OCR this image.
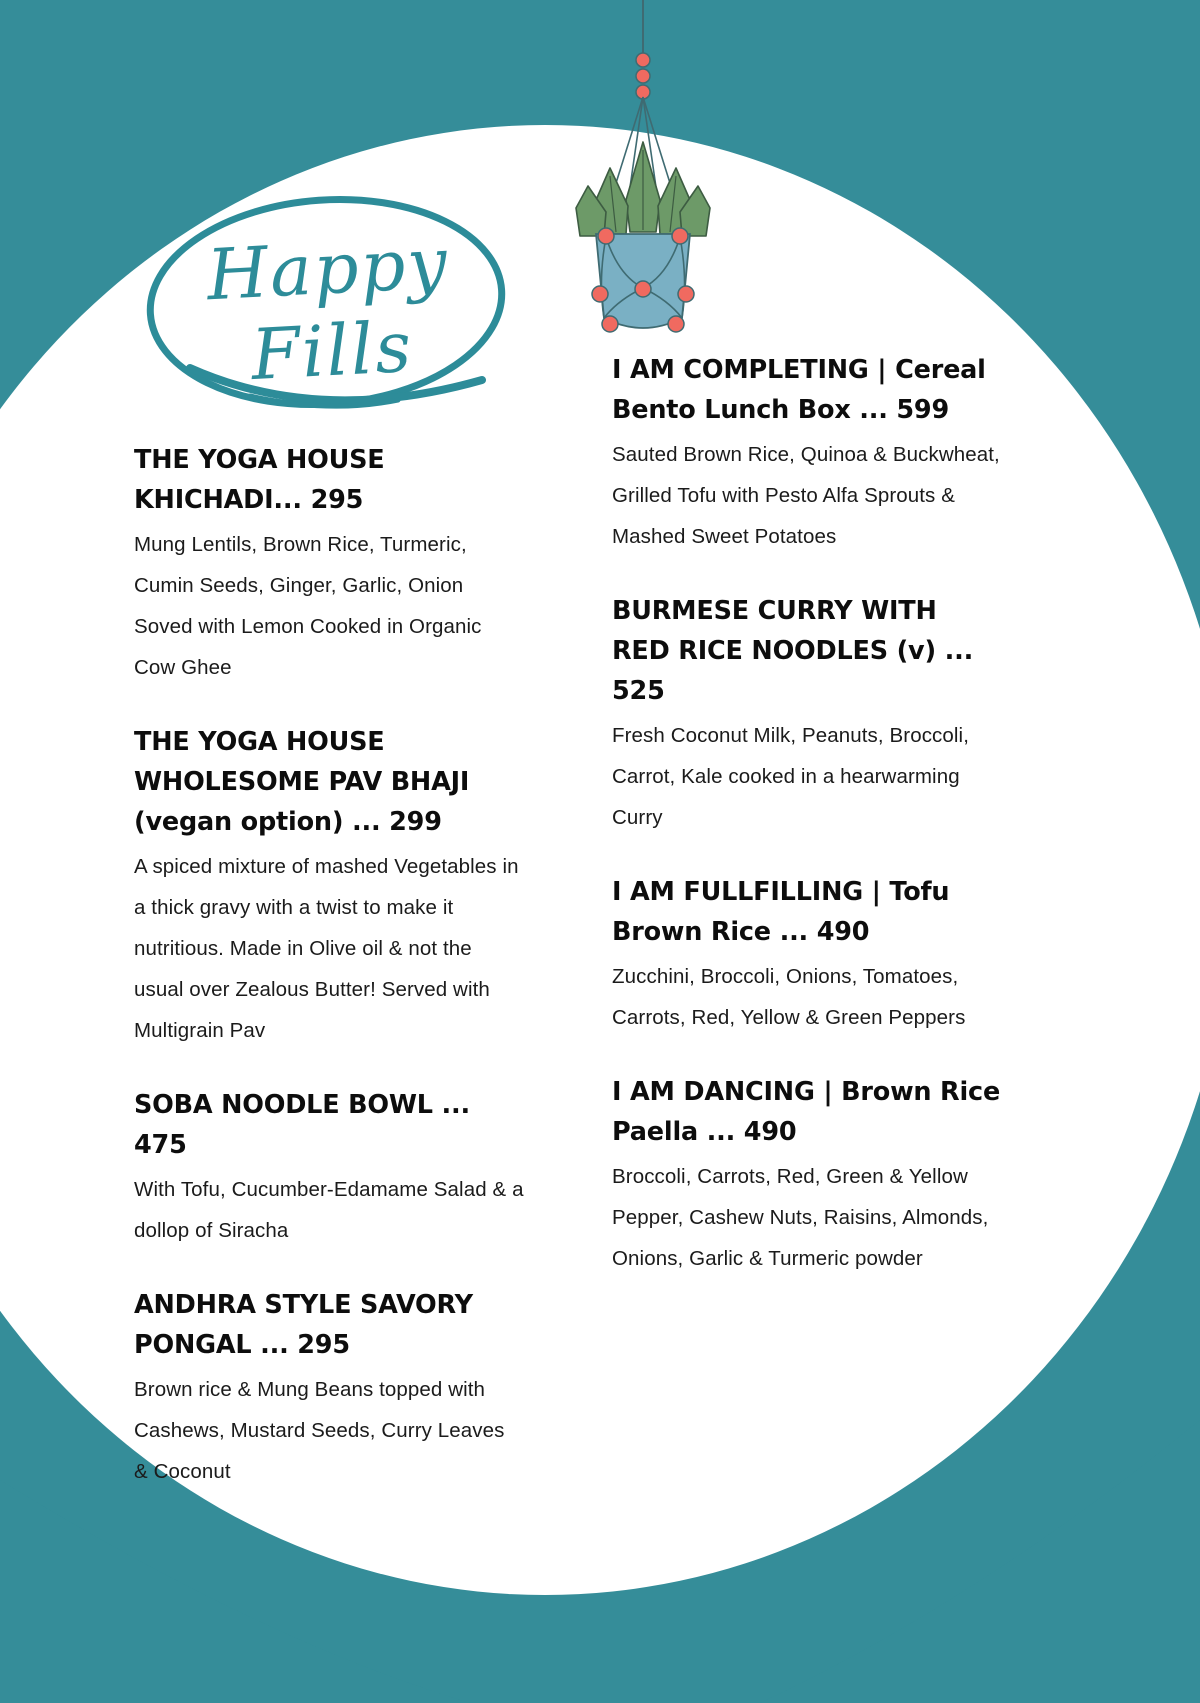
Happy Fills
THE YOGA HOUSE KHICHADI... 295
Mung Lentils, Brown Rice, Turmeric, Cumin Seeds, Ginger, Garlic, Onion Soved with Lemon Cooked in Organic Cow Ghee
THE YOGA HOUSE WHOLESOME PAV BHAJI (vegan option) ... 299
A spiced mixture of mashed Vegetables in a thick gravy with a twist to make it nutritious. Made in Olive oil & not the usual over Zealous Butter! Served with Multigrain Pav
SOBA NOODLE BOWL ... 475
With Tofu, Cucumber-Edamame Salad & a dollop of Siracha
ANDHRA STYLE SAVORY PONGAL ... 295
Brown rice & Mung Beans topped with Cashews, Mustard Seeds, Curry Leaves & Coconut
I AM COMPLETING | Cereal Bento Lunch Box ... 599
Sauted Brown Rice, Quinoa & Buckwheat, Grilled Tofu with Pesto Alfa Sprouts & Mashed Sweet Potatoes
BURMESE CURRY WITH RED RICE NOODLES (v) ... 525
Fresh Coconut Milk, Peanuts, Broccoli, Carrot, Kale cooked in a hearwarming Curry
I AM FULLFILLING | Tofu Brown Rice ... 490
Zucchini, Broccoli, Onions, Tomatoes, Carrots, Red, Yellow & Green Peppers
I AM DANCING | Brown Rice Paella ... 490
Broccoli, Carrots, Red, Green & Yellow Pepper, Cashew Nuts, Raisins, Almonds, Onions, Garlic & Turmeric powder
